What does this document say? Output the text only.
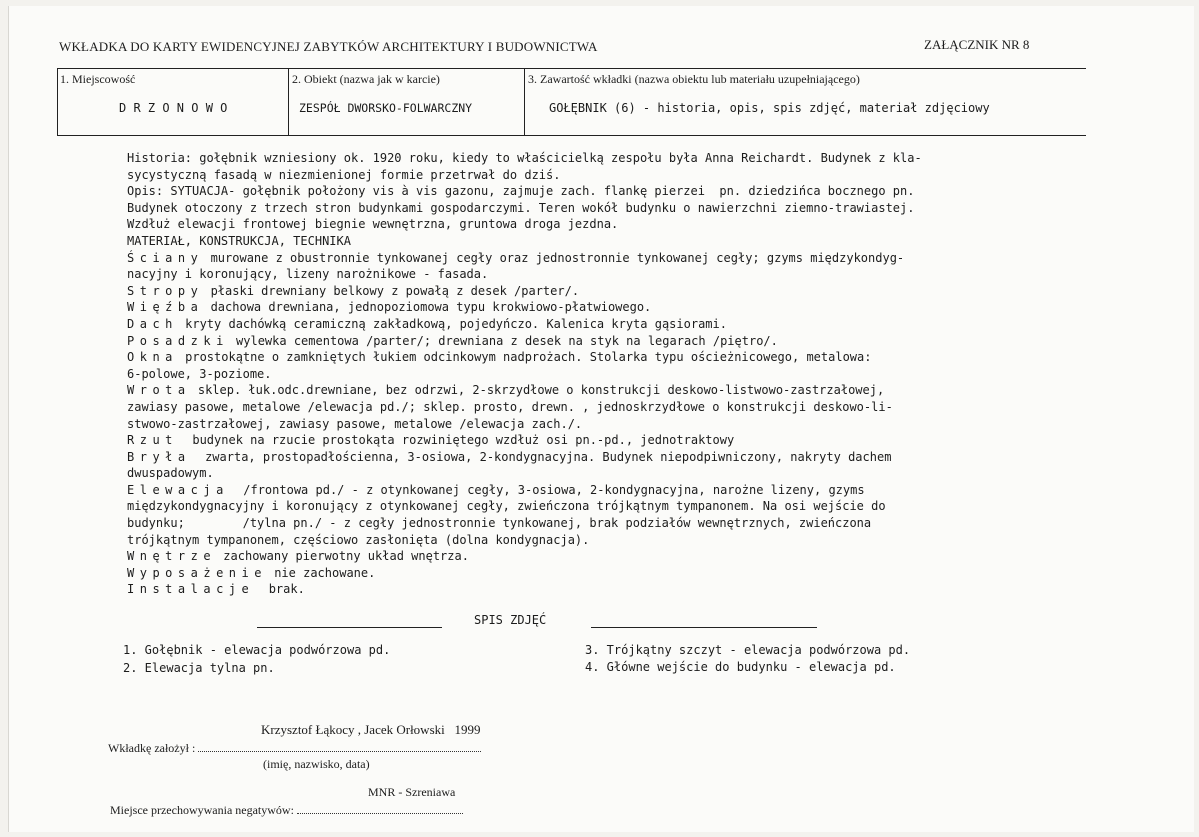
WKŁADKA DO KARTY EWIDENCYJNEJ ZABYTKÓW ARCHITEKTURY I BUDOWNICTWA	ZAŁĄCZNIK NR 8
1. Miejscowość
D R Z O N O W O
2. Obiekt (nazwa jak w karcie)
ZESPÓŁ DWORSKO-FOLWARCZNY
3. Zawartość wkładki (nazwa obiektu lub materiału uzupełniającego)
GOŁĘBNIK (6) - historia, opis, spis zdjęć, materiał zdjęciowy
Historia: gołębnik wzniesiony ok. 1920 roku, kiedy to właścicielką zespołu była Anna Reichardt. Budynek z kla-
sycystyczną fasadą w niezmienionej formie przetrwał do dziś.
Opis: SYTUACJA- gołębnik położony vis à vis gazonu, zajmuje zach. flankę pierzei  pn. dziedzińca bocznego pn.
Budynek otoczony z trzech stron budynkami gospodarczymi. Teren wokół budynku o nawierzchni ziemno-trawiastej.
Wzdłuż elewacji frontowej biegnie wewnętrzna, gruntowa droga jezdna.
MATERIAŁ, KONSTRUKCJA, TECHNIKA
Ściany murowane z obustronnie tynkowanej cegły oraz jednostronnie tynkowanej cegły; gzyms międzykondyg-
nacyjny i koronujący, lizeny narożnikowe - fasada.
Stropy płaski drewniany belkowy z powałą z desek /parter/.
Więźba dachowa drewniana, jednopoziomowa typu krokwiowo-płatwiowego.
Dach kryty dachówką ceramiczną zakładkową, pojedyńczo. Kalenica kryta gąsiorami.
Posadzki wylewka cementowa /parter/; drewniana z desek na styk na legarach /piętro/.
Okna prostokątne o zamkniętych łukiem odcinkowym nadprożach. Stolarka typu ościeżnicowego, metalowa:
6-polowe, 3-poziome.
Wrota sklep. łuk.odc.drewniane, bez odrzwi, 2-skrzydłowe o konstrukcji deskowo-listwowo-zastrzałowej,
zawiasy pasowe, metalowe /elewacja pd./; sklep. prosto, drewn. , jednoskrzydłowe o konstrukcji deskowo-li-
stwowo-zastrzałowej, zawiasy pasowe, metalowe /elewacja zach./.
Rzut  budynek na rzucie prostokąta rozwiniętego wzdłuż osi pn.-pd., jednotraktowy
Bryła  zwarta, prostopadłościenna, 3-osiowa, 2-kondygnacyjna. Budynek niepodpiwniczony, nakryty dachem
dwuspadowym.
Elewacja  /frontowa pd./ - z otynkowanej cegły, 3-osiowa, 2-kondygnacyjna, narożne lizeny, gzyms
międzykondygnacyjny i koronujący z otynkowanej cegły, zwieńczona trójkątnym tympanonem. Na osi wejście do
budynku;        /tylna pn./ - z cegły jednostronnie tynkowanej, brak podziałów wewnętrznych, zwieńczona
trójkątnym tympanonem, częściowo zasłonięta (dolna kondygnacja).
Wnętrze zachowany pierwotny układ wnętrza.
Wyposażenie nie zachowane.
Instalacje  brak.
SPIS ZDJĘĆ
1. Gołębnik - elewacja podwórzowa pd.
2. Elewacja tylna pn.
3. Trójkątny szczyt - elewacja podwórzowa pd.
4. Główne wejście do budynku - elewacja pd.
Krzysztof Łąkocy , Jacek Orłowski   1999
Wkładkę założył :
(imię, nazwisko, data)
MNR - Szreniawa
Miejsce przechowywania negatywów:
